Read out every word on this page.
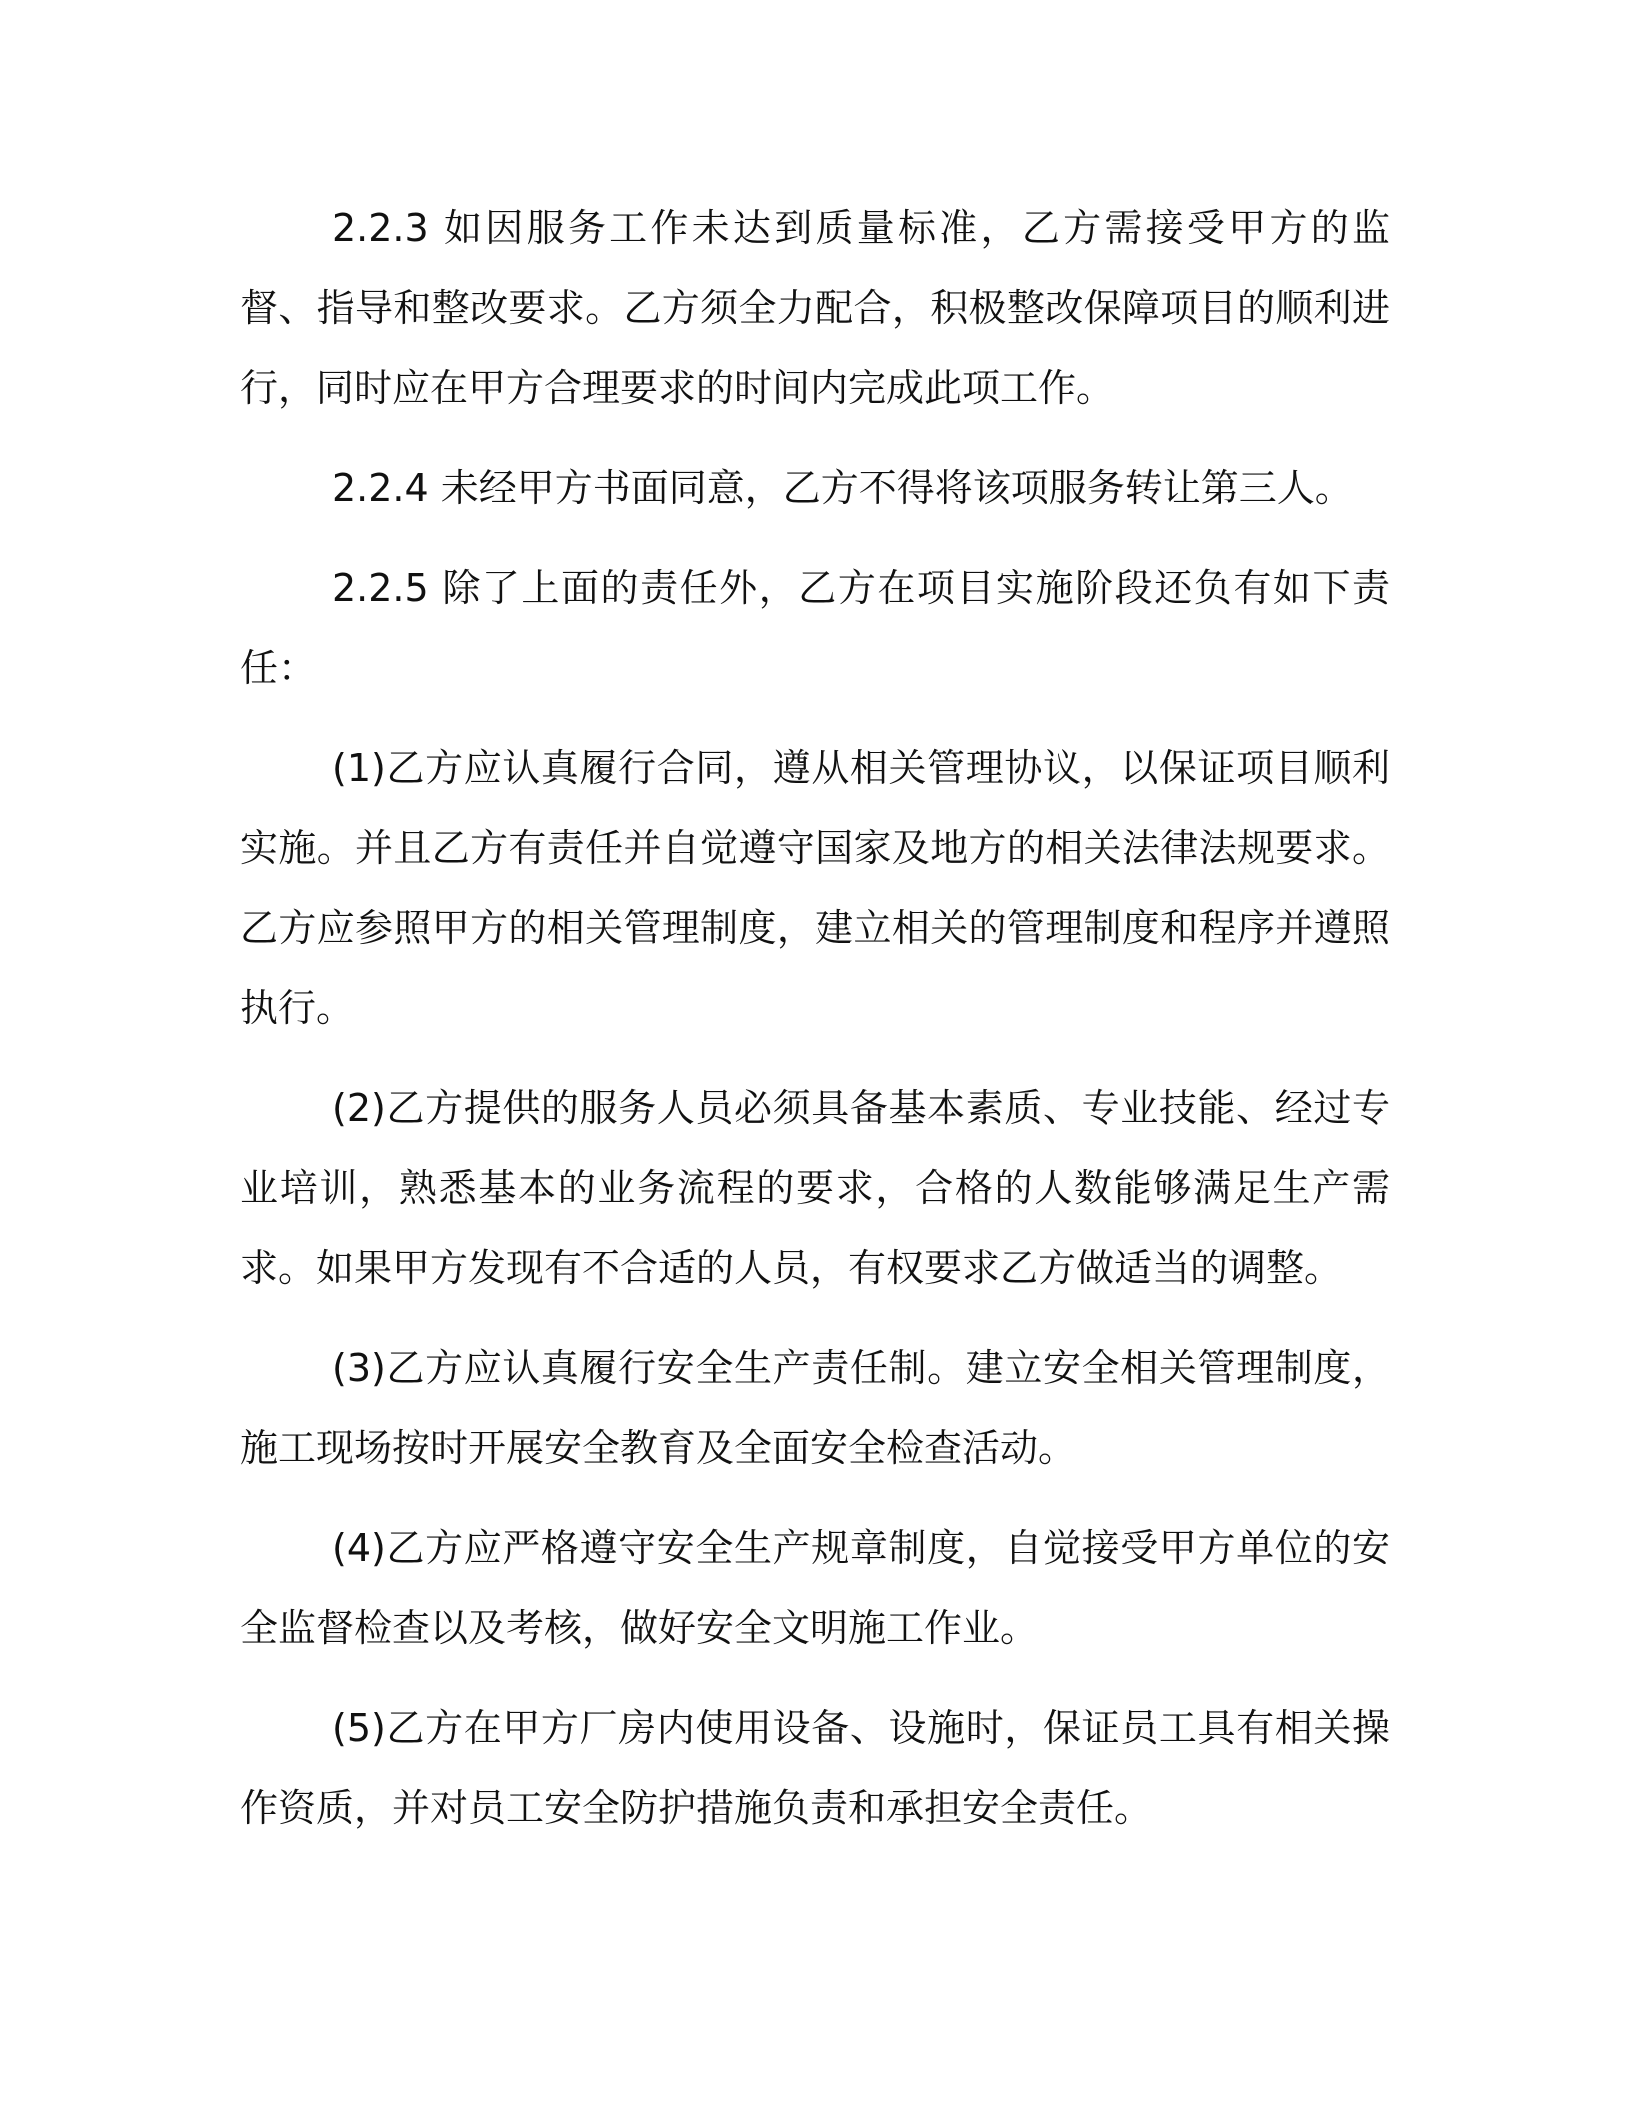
2.2.3 如因服务工作未达到质量标准，乙方需接受甲方的监督、指导和整改要求。乙方须全力配合，积极整改保障项目的顺利进行，同时应在甲方合理要求的时间内完成此项工作。

2.2.4 未经甲方书面同意，乙方不得将该项服务转让第三人。

2.2.5 除了上面的责任外，乙方在项目实施阶段还负有如下责任：

(1)乙方应认真履行合同，遵从相关管理协议，以保证项目顺利实施。并且乙方有责任并自觉遵守国家及地方的相关法律法规要求。乙方应参照甲方的相关管理制度，建立相关的管理制度和程序并遵照执行。

(2)乙方提供的服务人员必须具备基本素质、专业技能、经过专业培训，熟悉基本的业务流程的要求，合格的人数能够满足生产需求。如果甲方发现有不合适的人员，有权要求乙方做适当的调整。

(3)乙方应认真履行安全生产责任制。建立安全相关管理制度，施工现场按时开展安全教育及全面安全检查活动。

(4)乙方应严格遵守安全生产规章制度，自觉接受甲方单位的安全监督检查以及考核，做好安全文明施工作业。

(5)乙方在甲方厂房内使用设备、设施时，保证员工具有相关操作资质，并对员工安全防护措施负责和承担安全责任。
